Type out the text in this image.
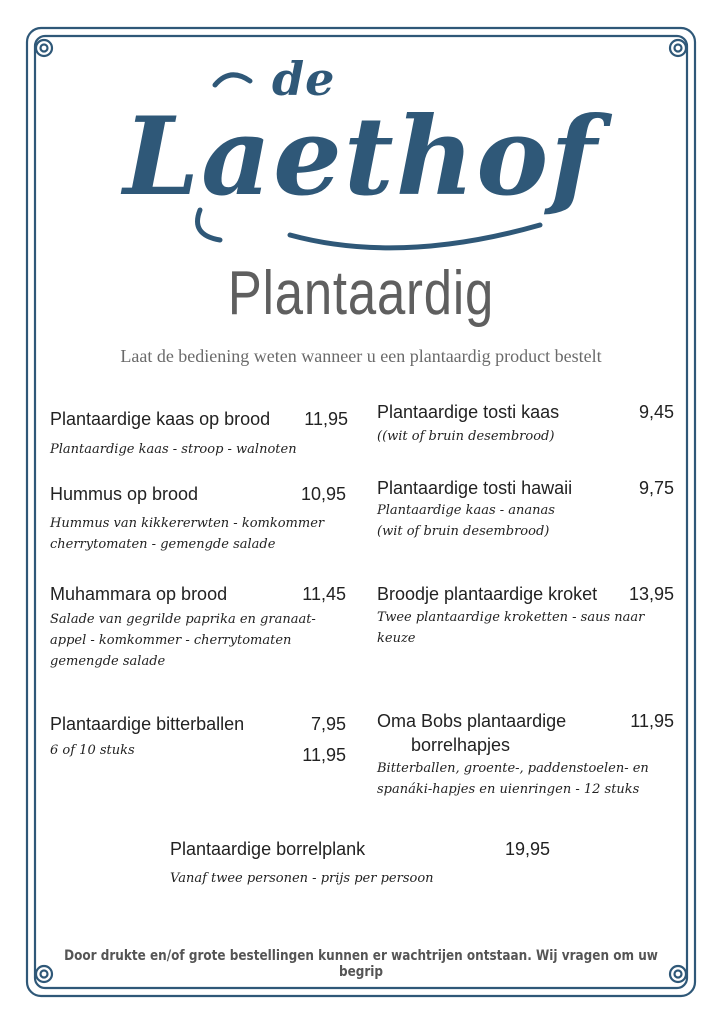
de
Laethof
Plantaardig
Laat de bediening weten wanneer u een plantaardig product bestelt
Plantaardige kaas op brood 11,95
Plantaardige kaas - stroop - walnoten
Hummus op brood	10,95
Hummus van kikkererwten - komkommer
cherrytomaten - gemengde salade
Muhammara op brood	11,45
Salade van gegrilde paprika en granaat-
appel - komkommer - cherrytomaten
gemengde salade
Plantaardige bitterballen	7,95
11,95
6 of 10 stuks
Plantaardige tosti kaas	9,45
((wit of bruin desembrood)
Plantaardige tosti hawaii	9,75
Plantaardige kaas - ananas
(wit of bruin desembrood)
Broodje plantaardige kroket 13,95
Twee plantaardige kroketten - saus naar
keuze
Oma Bobs plantaardige
borrelhapjes
11,95
Bitterballen, groente-, paddenstoelen- en
spanáki-hapjes en uienringen - 12 stuks
Plantaardige borrelplank	19,95
Vanaf twee personen - prijs per persoon
Door drukte en/of grote bestellingen kunnen er wachtrijen ontstaan. Wij vragen om uw begrip
